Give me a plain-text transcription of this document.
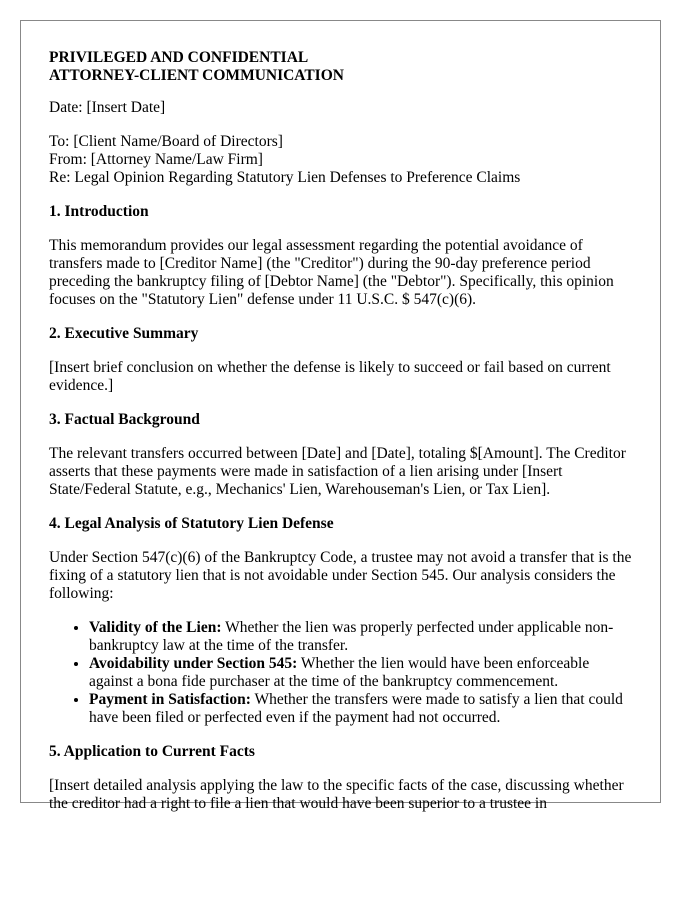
PRIVILEGED AND CONFIDENTIAL

ATTORNEY-CLIENT COMMUNICATION

Date: [Insert Date]

To: [Client Name/Board of Directors]

From: [Attorney Name/Law Firm]

Re: Legal Opinion Regarding Statutory Lien Defenses to Preference Claims

1. Introduction

This memorandum provides our legal assessment regarding the potential avoidance of transfers made to [Creditor Name] (the "Creditor") during the 90-day preference period preceding the bankruptcy filing of [Debtor Name] (the "Debtor"). Specifically, this opinion focuses on the "Statutory Lien" defense under 11 U.S.C. $ 547(c)(6).

2. Executive Summary

[Insert brief conclusion on whether the defense is likely to succeed or fail based on current evidence.]

3. Factual Background

The relevant transfers occurred between [Date] and [Date], totaling $[Amount]. The Creditor asserts that these payments were made in satisfaction of a lien arising under [Insert State/Federal Statute, e.g., Mechanics' Lien, Warehouseman's Lien, or Tax Lien].

4. Legal Analysis of Statutory Lien Defense

Under Section 547(c)(6) of the Bankruptcy Code, a trustee may not avoid a transfer that is the fixing of a statutory lien that is not avoidable under Section 545. Our analysis considers the following:

• Validity of the Lien: Whether the lien was properly perfected under applicable non-bankruptcy law at the time of the transfer.
• Avoidability under Section 545: Whether the lien would have been enforceable against a bona fide purchaser at the time of the bankruptcy commencement.
• Payment in Satisfaction: Whether the transfers were made to satisfy a lien that could have been filed or perfected even if the payment had not occurred.
5. Application to Current Facts

[Insert detailed analysis applying the law to the specific facts of the case, discussing whether the creditor had a right to file a lien that would have been superior to a trustee in
